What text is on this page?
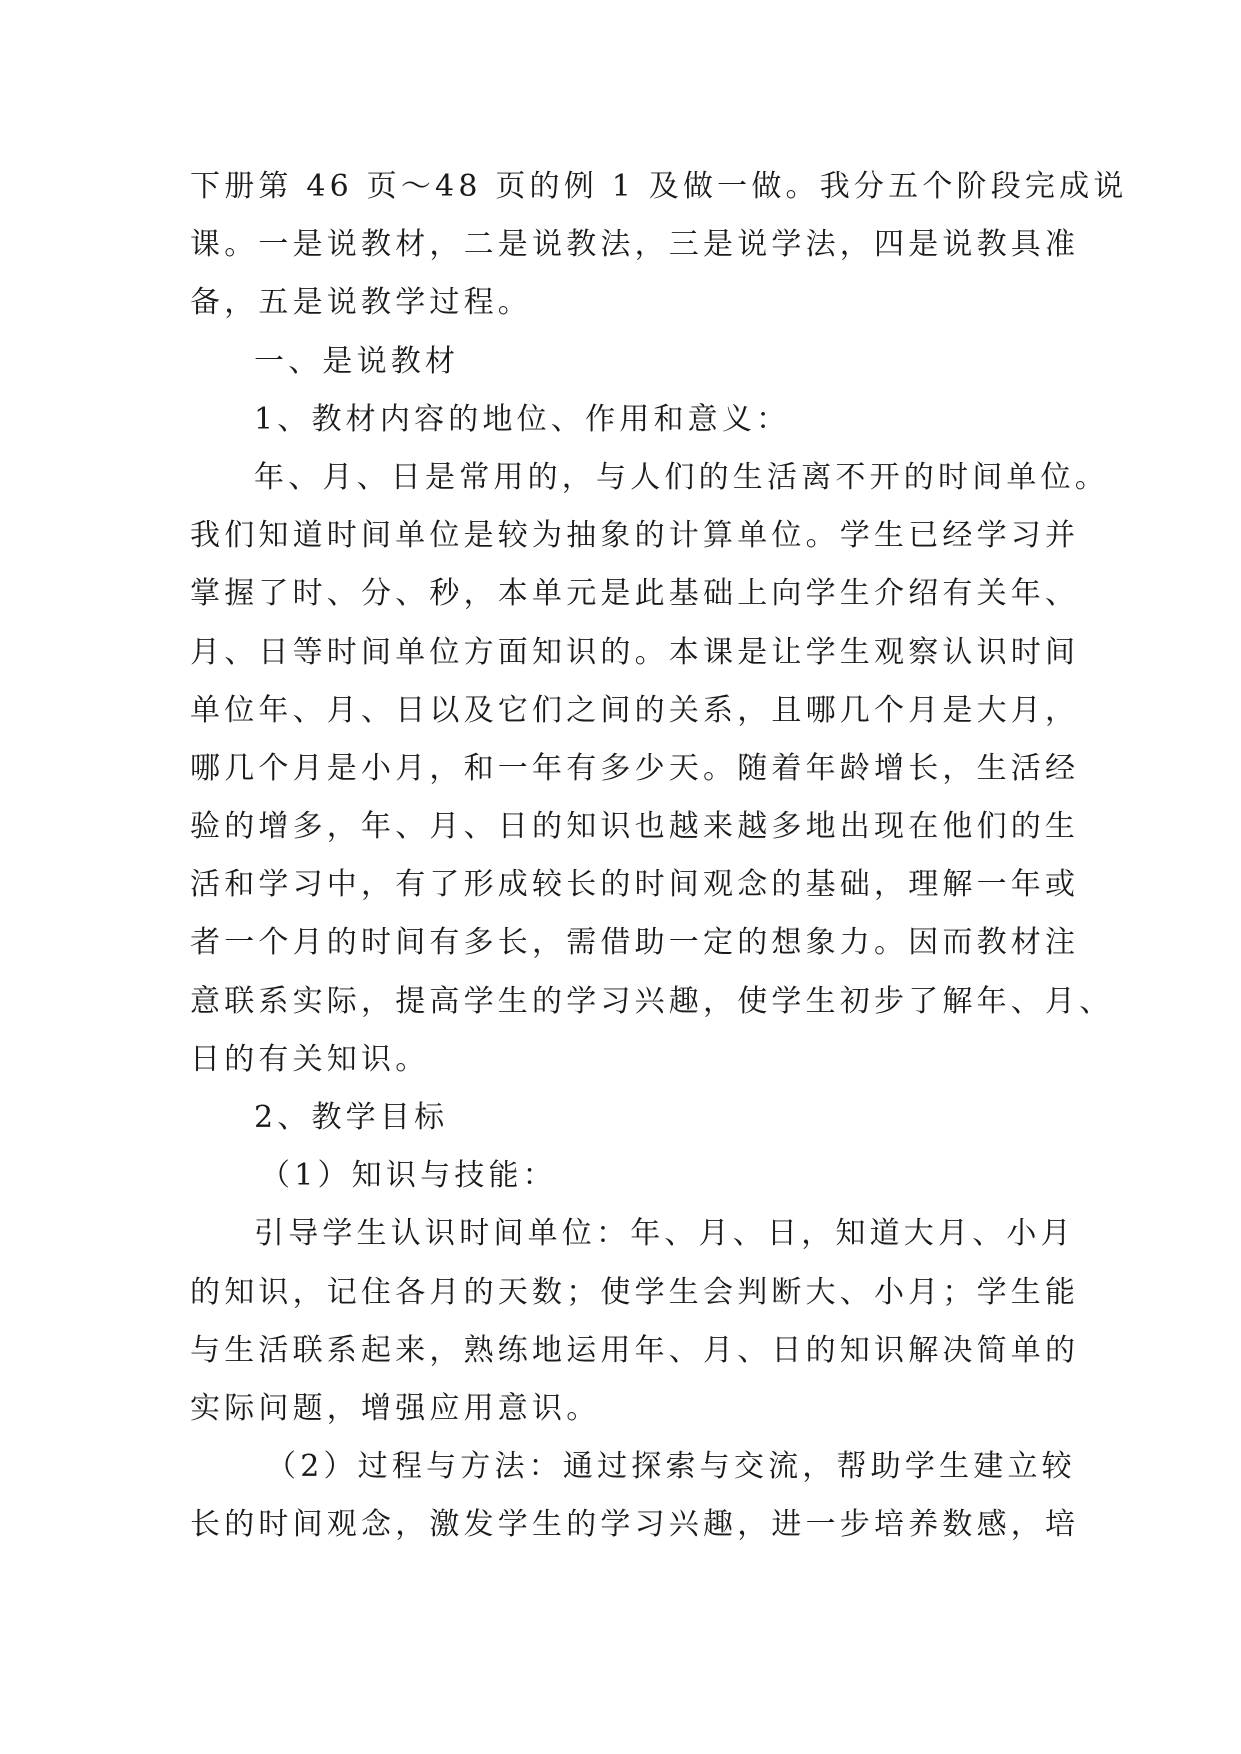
下册第 46 页～48 页的例 1 及做一做。我分五个阶段完成说
课。一是说教材，二是说教法，三是说学法，四是说教具准
备，五是说教学过程。
一、是说教材
1、教材内容的地位、作用和意义：
年、月、日是常用的，与人们的生活离不开的时间单位。
我们知道时间单位是较为抽象的计算单位。学生已经学习并
掌握了时、分、秒，本单元是此基础上向学生介绍有关年、
月、日等时间单位方面知识的。本课是让学生观察认识时间
单位年、月、日以及它们之间的关系，且哪几个月是大月，
哪几个月是小月，和一年有多少天。随着年龄增长，生活经
验的增多，年、月、日的知识也越来越多地出现在他们的生
活和学习中，有了形成较长的时间观念的基础，理解一年或
者一个月的时间有多长，需借助一定的想象力。因而教材注
意联系实际，提高学生的学习兴趣，使学生初步了解年、月、
日的有关知识。
2、教学目标
（1）知识与技能：
引导学生认识时间单位：年、月、日，知道大月、小月
的知识，记住各月的天数；使学生会判断大、小月；学生能
与生活联系起来，熟练地运用年、月、日的知识解决简单的
实际问题，增强应用意识。
（2）过程与方法：通过探索与交流，帮助学生建立较
长的时间观念，激发学生的学习兴趣，进一步培养数感，培
